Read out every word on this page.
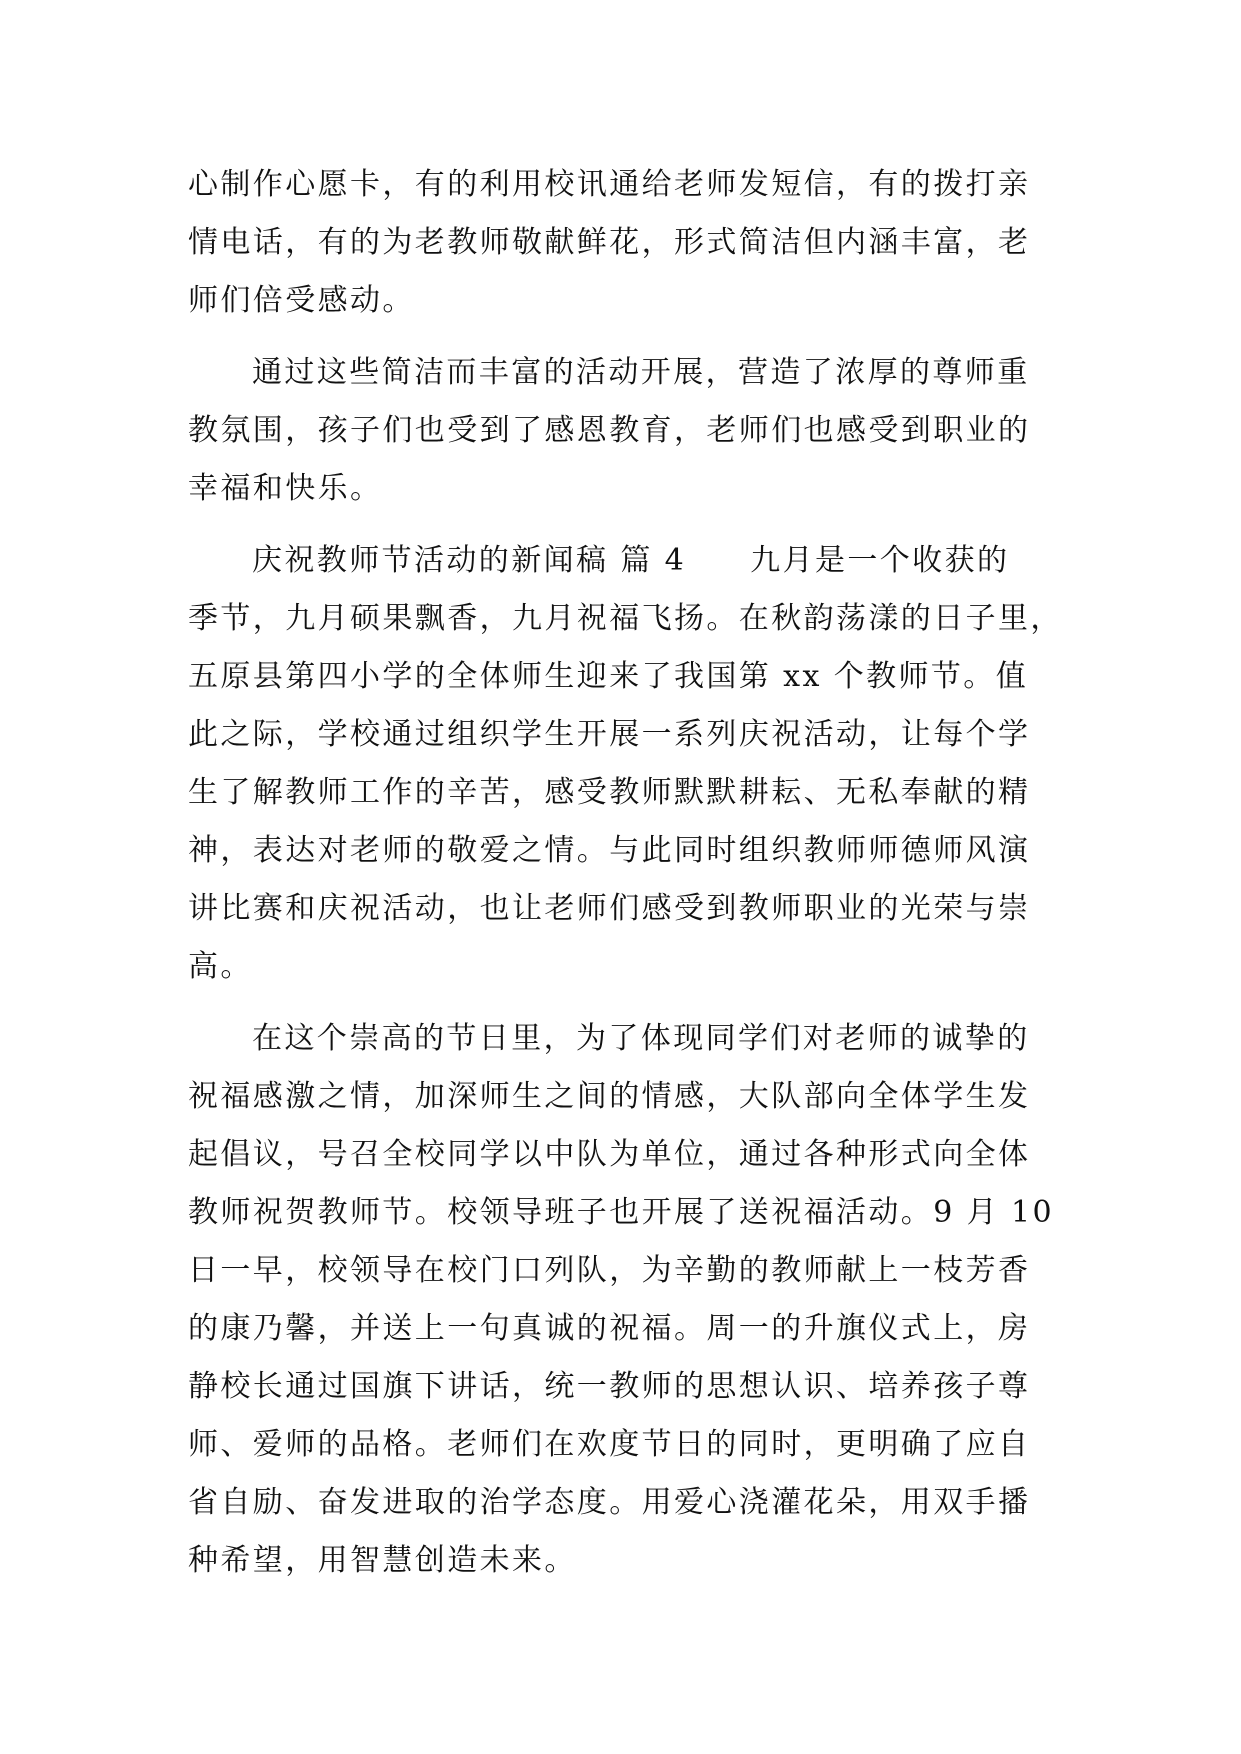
心制作心愿卡，有的利用校讯通给老师发短信，有的拨打亲
情电话，有的为老教师敬献鲜花，形式简洁但内涵丰富，老
师们倍受感动。
通过这些简洁而丰富的活动开展，营造了浓厚的尊师重
教氛围，孩子们也受到了感恩教育，老师们也感受到职业的
幸福和快乐。
庆祝教师节活动的新闻稿 篇 4 九月是一个收获的
季节，九月硕果飘香，九月祝福飞扬。在秋韵荡漾的日子里，
五原县第四小学的全体师生迎来了我国第 xx 个教师节。值
此之际，学校通过组织学生开展一系列庆祝活动，让每个学
生了解教师工作的辛苦，感受教师默默耕耘、无私奉献的精
神，表达对老师的敬爱之情。与此同时组织教师师德师风演
讲比赛和庆祝活动，也让老师们感受到教师职业的光荣与崇
高。
在这个崇高的节日里，为了体现同学们对老师的诚挚的
祝福感激之情，加深师生之间的情感，大队部向全体学生发
起倡议，号召全校同学以中队为单位，通过各种形式向全体
教师祝贺教师节。校领导班子也开展了送祝福活动。9 月 10
日一早，校领导在校门口列队，为辛勤的教师献上一枝芳香
的康乃馨，并送上一句真诚的祝福。周一的升旗仪式上，房
静校长通过国旗下讲话，统一教师的思想认识、培养孩子尊
师、爱师的品格。老师们在欢度节日的同时，更明确了应自
省自励、奋发进取的治学态度。用爱心浇灌花朵，用双手播
种希望，用智慧创造未来。
